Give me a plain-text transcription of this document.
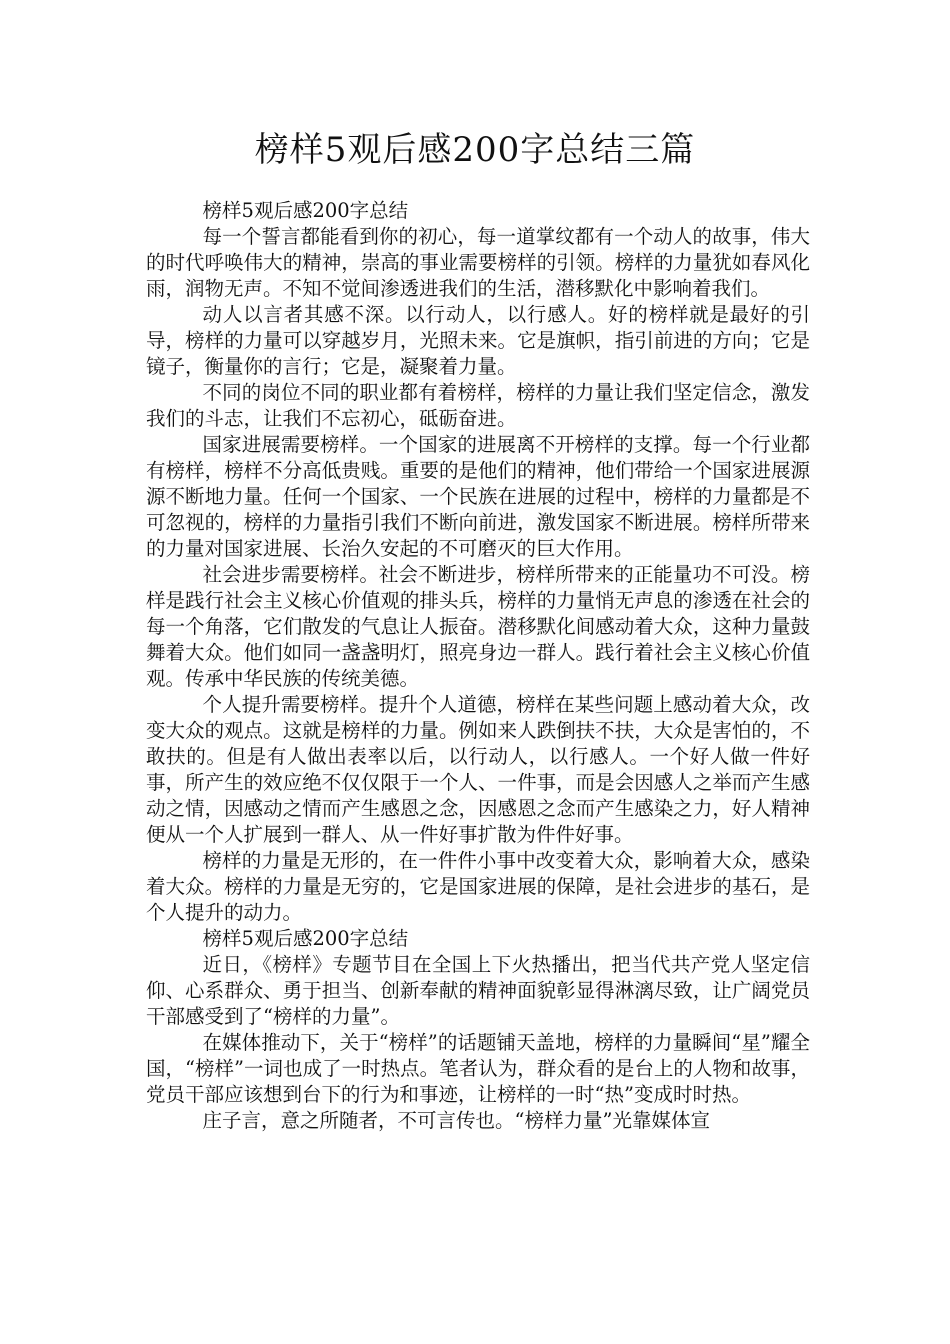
榜样5观后感200字总结三篇

榜样5观后感200字总结

每一个誓言都能看到你的初心，每一道掌纹都有一个动人的故事，伟大的时代呼唤伟大的精神，崇高的事业需要榜样的引领。榜样的力量犹如春风化雨，润物无声。不知不觉间渗透进我们的生活，潜移默化中影响着我们。

动人以言者其感不深。以行动人，以行感人。好的榜样就是最好的引导，榜样的力量可以穿越岁月，光照未来。它是旗帜，指引前进的方向；它是镜子，衡量你的言行；它是，凝聚着力量。

不同的岗位不同的职业都有着榜样，榜样的力量让我们坚定信念，激发我们的斗志，让我们不忘初心，砥砺奋进。

国家进展需要榜样。一个国家的进展离不开榜样的支撑。每一个行业都有榜样，榜样不分高低贵贱。重要的是他们的精神，他们带给一个国家进展源源不断地力量。任何一个国家、一个民族在进展的过程中，榜样的力量都是不可忽视的，榜样的力量指引我们不断向前进，激发国家不断进展。榜样所带来的力量对国家进展、长治久安起的不可磨灭的巨大作用。

社会进步需要榜样。社会不断进步，榜样所带来的正能量功不可没。榜样是践行社会主义核心价值观的排头兵，榜样的力量悄无声息的渗透在社会的每一个角落，它们散发的气息让人振奋。潜移默化间感动着大众，这种力量鼓舞着大众。他们如同一盏盏明灯，照亮身边一群人。践行着社会主义核心价值观。传承中华民族的传统美德。

个人提升需要榜样。提升个人道德，榜样在某些问题上感动着大众，改变大众的观点。这就是榜样的力量。例如来人跌倒扶不扶，大众是害怕的，不敢扶的。但是有人做出表率以后，以行动人，以行感人。一个好人做一件好事，所产生的效应绝不仅仅限于一个人、一件事，而是会因感人之举而产生感动之情，因感动之情而产生感恩之念，因感恩之念而产生感染之力，好人精神便从一个人扩展到一群人、从一件好事扩散为件件好事。

榜样的力量是无形的，在一件件小事中改变着大众，影响着大众，感染着大众。榜样的力量是无穷的，它是国家进展的保障，是社会进步的基石，是个人提升的动力。

榜样5观后感200字总结

近日，《榜样》专题节目在全国上下火热播出，把当代共产党人坚定信仰、心系群众、勇于担当、创新奉献的精神面貌彰显得淋漓尽致，让广阔党员干部感受到了“榜样的力量”。

在媒体推动下，关于“榜样”的话题铺天盖地，榜样的力量瞬间“星”耀全国，“榜样”一词也成了一时热点。笔者认为，群众看的是台上的人物和故事，党员干部应该想到台下的行为和事迹，让榜样的一时“热”变成时时热。

庄子言，意之所随者，不可言传也。“榜样力量”光靠媒体宣
